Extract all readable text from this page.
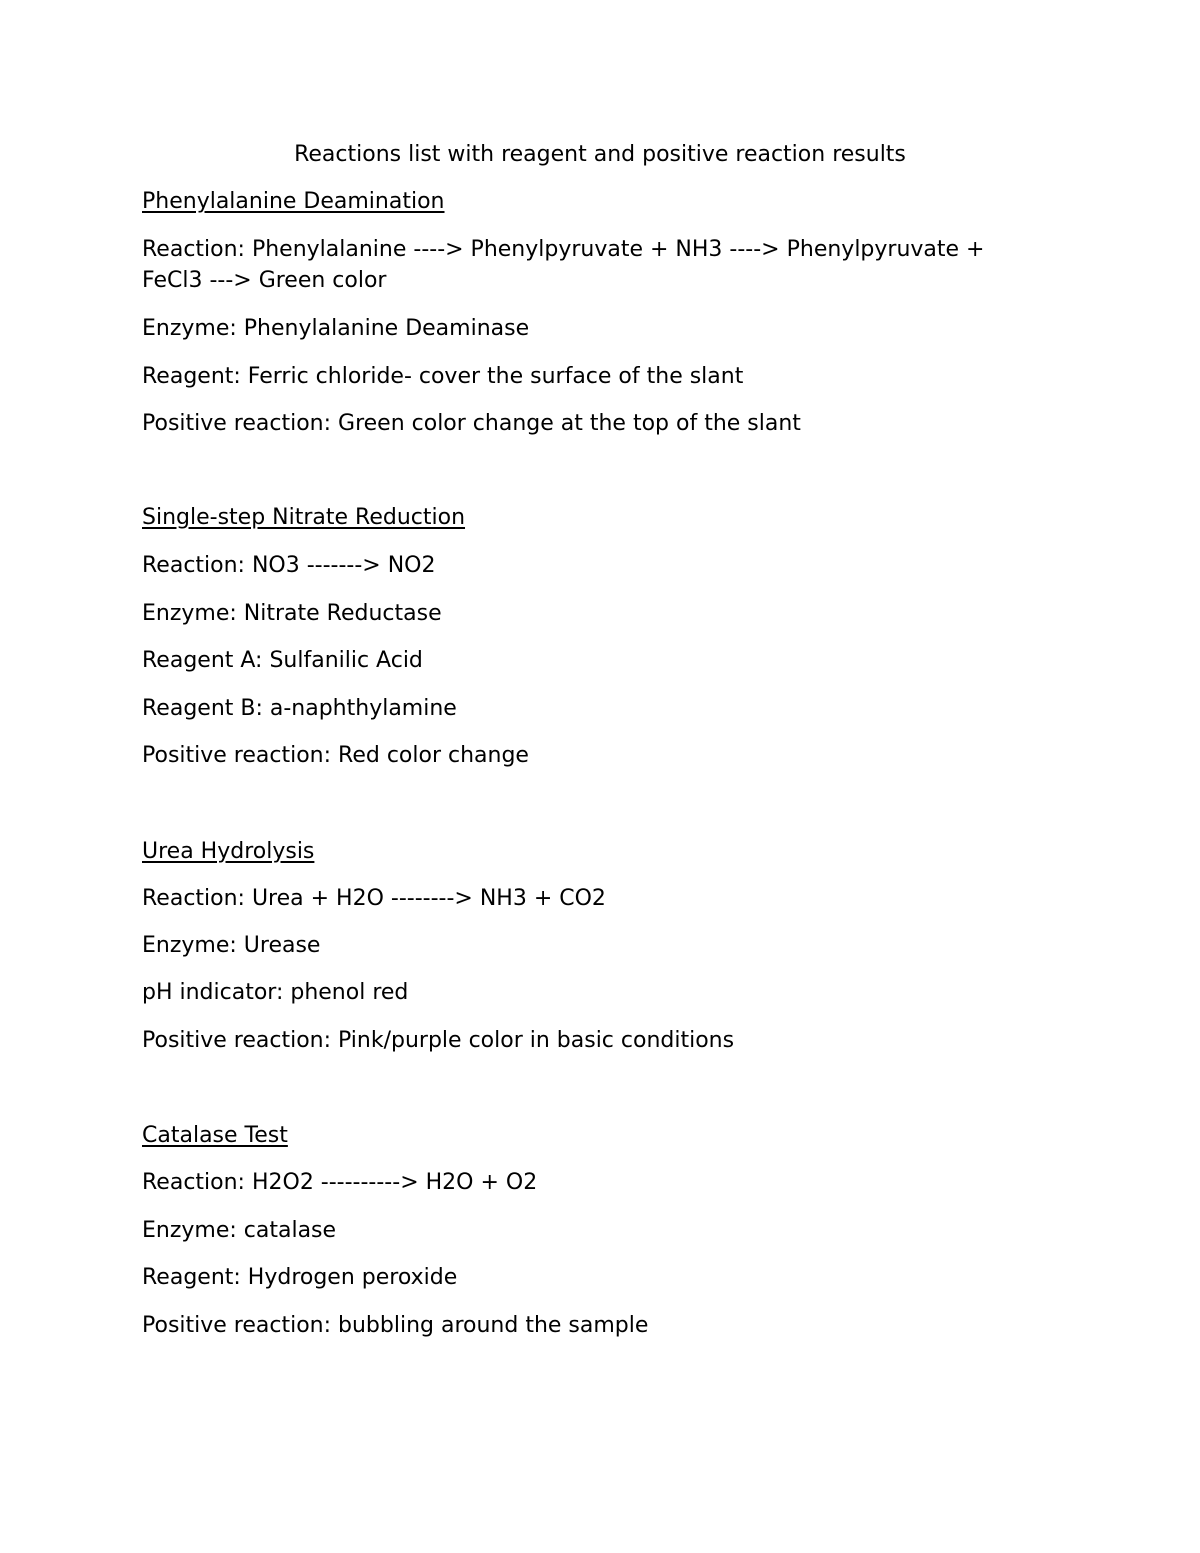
Reactions list with reagent and positive reaction results
Phenylalanine Deamination
Reaction: Phenylalanine ----> Phenylpyruvate + NH3 ----> Phenylpyruvate +
FeCl3 ---> Green color
Enzyme: Phenylalanine Deaminase
Reagent: Ferric chloride- cover the surface of the slant
Positive reaction: Green color change at the top of the slant
Single-step Nitrate Reduction
Reaction: NO3 -------> NO2
Enzyme: Nitrate Reductase
Reagent A: Sulfanilic Acid
Reagent B: a-naphthylamine
Positive reaction: Red color change
Urea Hydrolysis
Reaction: Urea + H2O --------> NH3 + CO2
Enzyme: Urease
pH indicator: phenol red
Positive reaction: Pink/purple color in basic conditions
Catalase Test
Reaction: H2O2 ----------> H2O + O2
Enzyme: catalase
Reagent: Hydrogen peroxide
Positive reaction: bubbling around the sample
